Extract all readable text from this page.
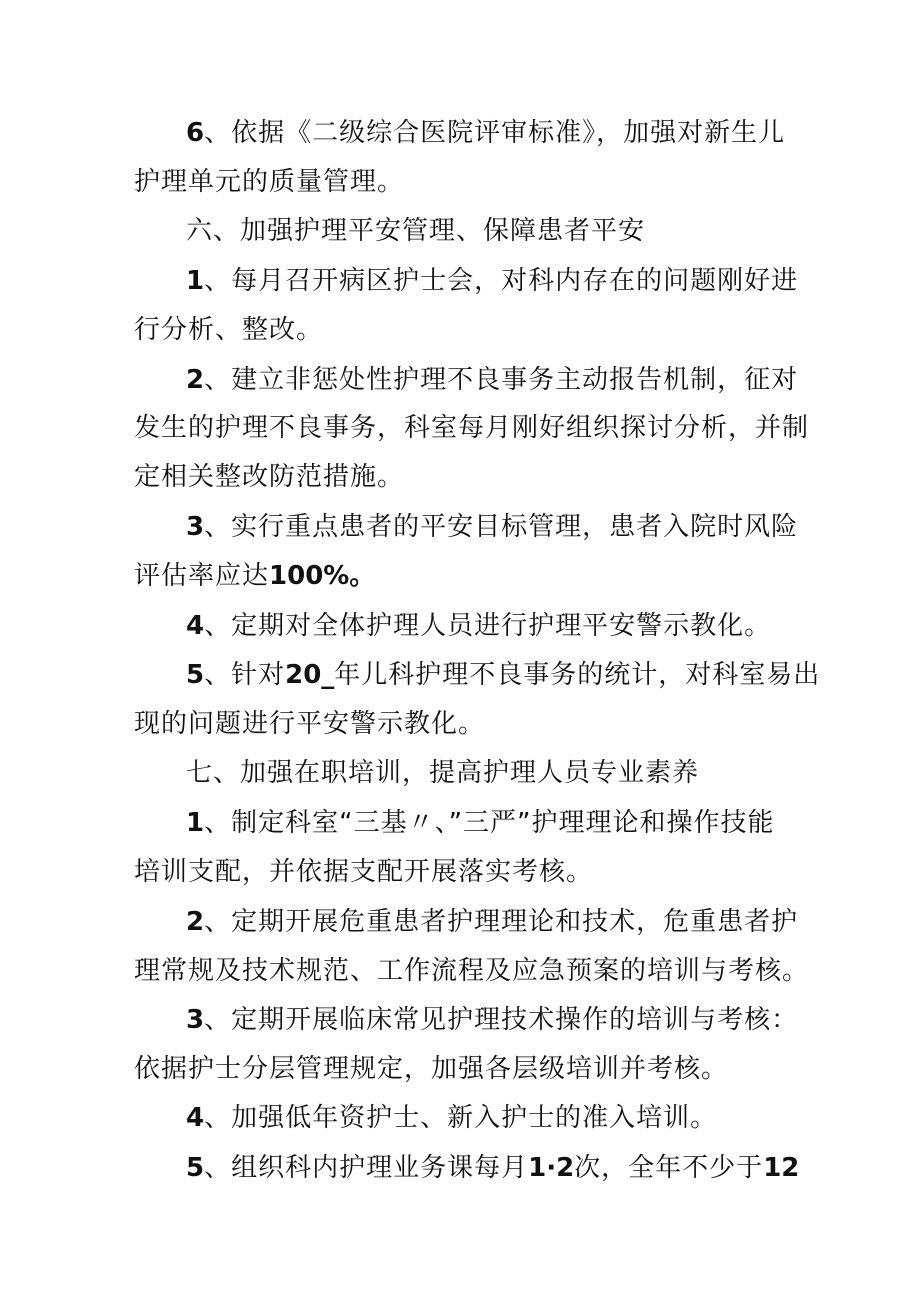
6、依据《二级综合医院评审标准》，加强对新生儿
护理单元的质量管理。
六、加强护理平安管理、保障患者平安
1、每月召开病区护士会，对科内存在的问题刚好进
行分析、整改。
2、建立非惩处性护理不良事务主动报告机制，征对
发生的护理不良事务，科室每月刚好组织探讨分析，并制
定相关整改防范措施。
3、实行重点患者的平安目标管理，患者入院时风险
评估率应达100%。
4、定期对全体护理人员进行护理平安警示教化。
5、针对20_年儿科护理不良事务的统计，对科室易出
现的问题进行平安警示教化。
七、加强在职培训，提高护理人员专业素养
1、制定科室“三基〃、”三严”护理理论和操作技能
培训支配，并依据支配开展落实考核。
2、定期开展危重患者护理理论和技术，危重患者护
理常规及技术规范、工作流程及应急预案的培训与考核。
3、定期开展临床常见护理技术操作的培训与考核：
依据护士分层管理规定，加强各层级培训并考核。
4、加强低年资护士、新入护士的准入培训。
5、组织科内护理业务课每月1·2次，全年不少于12
